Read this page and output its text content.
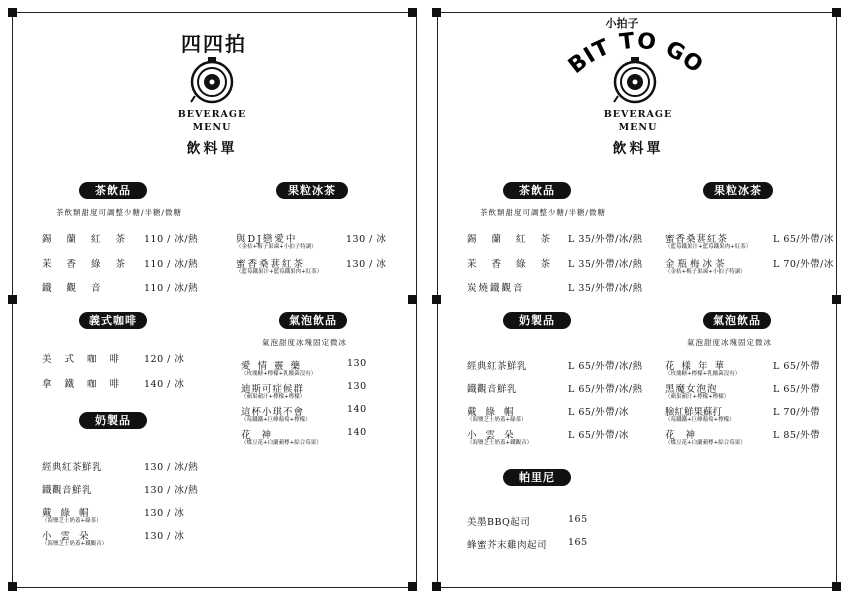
四四拍
BEVERAGE
MENU
飲料單
茶飲品
茶飲類甜度可調整少糖/半糖/微糖
錫 蘭 紅 茶 110 / 冰/熱
茉 香 綠 茶 110 / 冰/熱
鐵 觀 音	110 / 冰/熱
果粒冰茶
與DJ戀愛中
（金桔+梅子果凍+小拍子特調）
130 / 冰
蜜香桑葚紅茶
（藍莓鐵果汁+藍莓鐵果肉+紅茶）
130 / 冰
義式咖啡
美 式 咖 啡 120 / 冰
拿 鐵 咖 啡 140 / 冰
氣泡飲品
氣泡甜度冰塊固定微冰
愛 情 靈 藥
（玫瑰糖+檸檬+乳酸菌沒有）
130
迪斯可症候群
（蘋果蘋汁+檸檬+檸檬）
130
這杯小琪不會
（莓鐵鐵+巨峰葡萄+檸檬）
140
花 神
（蝶豆花+白蘭蘋檸+綜合莓果）
140
奶製品
經典紅茶鮮乳	130 / 冰/熱
鐵觀音鮮乳	130 / 冰/熱
戴 綠 帽
（海鹽芝士奶蓋+綠茶）
130 / 冰
小 雲 朵
（海鹽芝士奶蓋+鐵觀音）
130 / 冰
小拍子
BIT TO GO
BEVERAGE
MENU
飲料單
茶飲品
茶飲類甜度可調整少糖/半糖/微糖
錫 蘭 紅 茶 L 35/外帶/冰/熱
茉 香 綠 茶 L 35/外帶/冰/熱
炭燒鐵觀音	L 35/外帶/冰/熱
果粒冰茶
蜜香桑葚紅茶
（藍莓鐵果汁+藍莓鐵果肉+紅茶）
L 65/外帶/冰
金 瓶 梅 冰 茶
（金桔+梅子果凍+小拍子特調）
L 70/外帶/冰
奶製品
經典紅茶鮮乳	L 65/外帶/冰/熱
鐵觀音鮮乳	L 65/外帶/冰/熱
戴 綠 帽
（海鹽芝士奶蓋+綠茶）
L 65/外帶/冰
小 雲 朵
（海鹽芝士奶蓋+鐵觀音）
L 65/外帶/冰
氣泡飲品
氣泡甜度冰塊固定微冰
花 樣 年 華
（玫瑰糖+檸檬+乳酸菌沒有）
L 65/外帶
黑魔女泡泡
（蘋果蘋汁+檸檬+檸檬）
L 65/外帶
臉紅鮮果蘇打
（莓鐵鐵+巨峰葡萄+檸檬）
L 70/外帶
花 神
（蝶豆花+白蘭蘋檸+綜合莓果）
L 85/外帶
帕里尼
美墨BBQ起司	165
蜂蜜芥末雞肉起司 165
